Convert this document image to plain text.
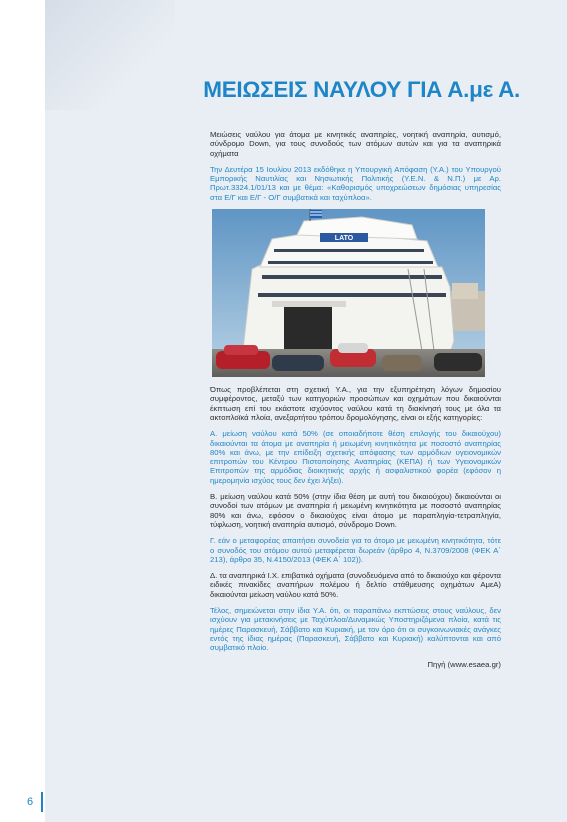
ΜΕΙΩΣΕΙΣ ΝΑΥΛΟΥ ΓΙΑ Α.με Α.

Μειώσεις ναύλου για άτομα με κινητικές αναπηρίες, νοητική αναπηρία, αυτισμό, σύνδρομο Down, για τους συνοδούς των ατόμων αυτών και για τα αναπηρικά οχήματα

Την Δευτέρα 15 Ιουλίου 2013 εκδόθηκε η Υπουργική Απόφαση (Υ.Α.) του Υπουργού Εμπορικής Ναυτιλίας και Νησιωτικής Πολιτικής (Υ.Ε.Ν. & Ν.Π.) με Αρ. Πρωτ.3324.1/01/13 και με θέμα: «Καθορισμός υποχρεώσεων δημόσιας υπηρεσίας στα Ε/Γ και Ε/Γ - Ο/Γ συμβατικά και ταχύπλοα».

LATO

Όπως προβλέπεται στη σχετική Υ.Α., για την εξυπηρέτηση λόγων δημοσίου συμφέροντος, μεταξύ των κατηγοριών προσώπων και οχημάτων που δικαιούνται έκπτωση επί του εκάστοτε ισχύοντος ναύλου κατά τη διακίνησή τους με όλα τα ακτοπλοϊκά πλοία, ανεξαρτήτου τρόπου δρομολόγησης, είναι οι εξής κατηγορίες:

Α. μείωση ναύλου κατά 50% (σε οποιαδήποτε θέση επιλογής του δικαιούχου) δικαιούνται τα άτομα με αναπηρία ή μειωμένη κινητικότητα με ποσοστό αναπηρίας 80% και άνω, με την επίδειξη σχετικής απόφασης των αρμόδιων υγειονομικών επιτροπών του Κέντρου Πιστοποίησης Αναπηρίας (ΚΕΠΑ) ή των Υγειονομικών Επιτροπών της αρμόδιας διοικητικής αρχής ή ασφαλιστικού φορέα (εφόσον η ημερομηνία ισχύος τους δεν έχει λήξει).

Β. μείωση ναύλου κατά 50% (στην ίδια θέση με αυτή του δικαιούχου) δικαιούνται οι συνοδοί των ατόμων με αναπηρία ή μειωμένη κινητικότητα με ποσοστό αναπηρίας 80% και άνω, εφόσον ο δικαιούχος είναι άτομο με παραπληγία-τετραπληγία, τύφλωση, νοητική αναπηρία αυτισμό, σύνδρομο Down.

Γ. εάν ο μεταφορέας απαιτήσει συνοδεία για το άτομο με μειωμένη κινητικότητα, τότε ο συνοδός του ατόμου αυτού μεταφέρεται δωρεάν (άρθρο 4, Ν.3709/2008 (ΦΕΚ Α΄ 213), άρθρο 35, Ν.4150/2013 (ΦΕΚ Α΄ 102)).

Δ. τα αναπηρικά Ι.Χ. επιβατικά οχήματα (συνοδευόμενα από το δικαιούχο και φέροντα ειδικές πινακίδες αναπήρων πολέμου ή δελτίο στάθμευσης οχημάτων ΑμεΑ) δικαιούνται μείωση ναύλου κατά 50%.

Τέλος, σημειώνεται στην ίδια Υ.Α. ότι, οι παραπάνω εκπτώσεις στους ναύλους, δεν ισχύουν για μετακινήσεις με Ταχύπλοα/Δυναμικώς Υποστηριζόμενα πλοία, κατά τις ημέρες Παρασκευή, Σάββατο και Κυριακή, με τον όρο ότι οι συγκοινωνιακές ανάγκες εντός της ίδιας ημέρας (Παρασκευή, Σάββατο και Κυριακή) καλύπτονται και από συμβατικό πλοίο.

Πηγή (www.esaea.gr)

6
